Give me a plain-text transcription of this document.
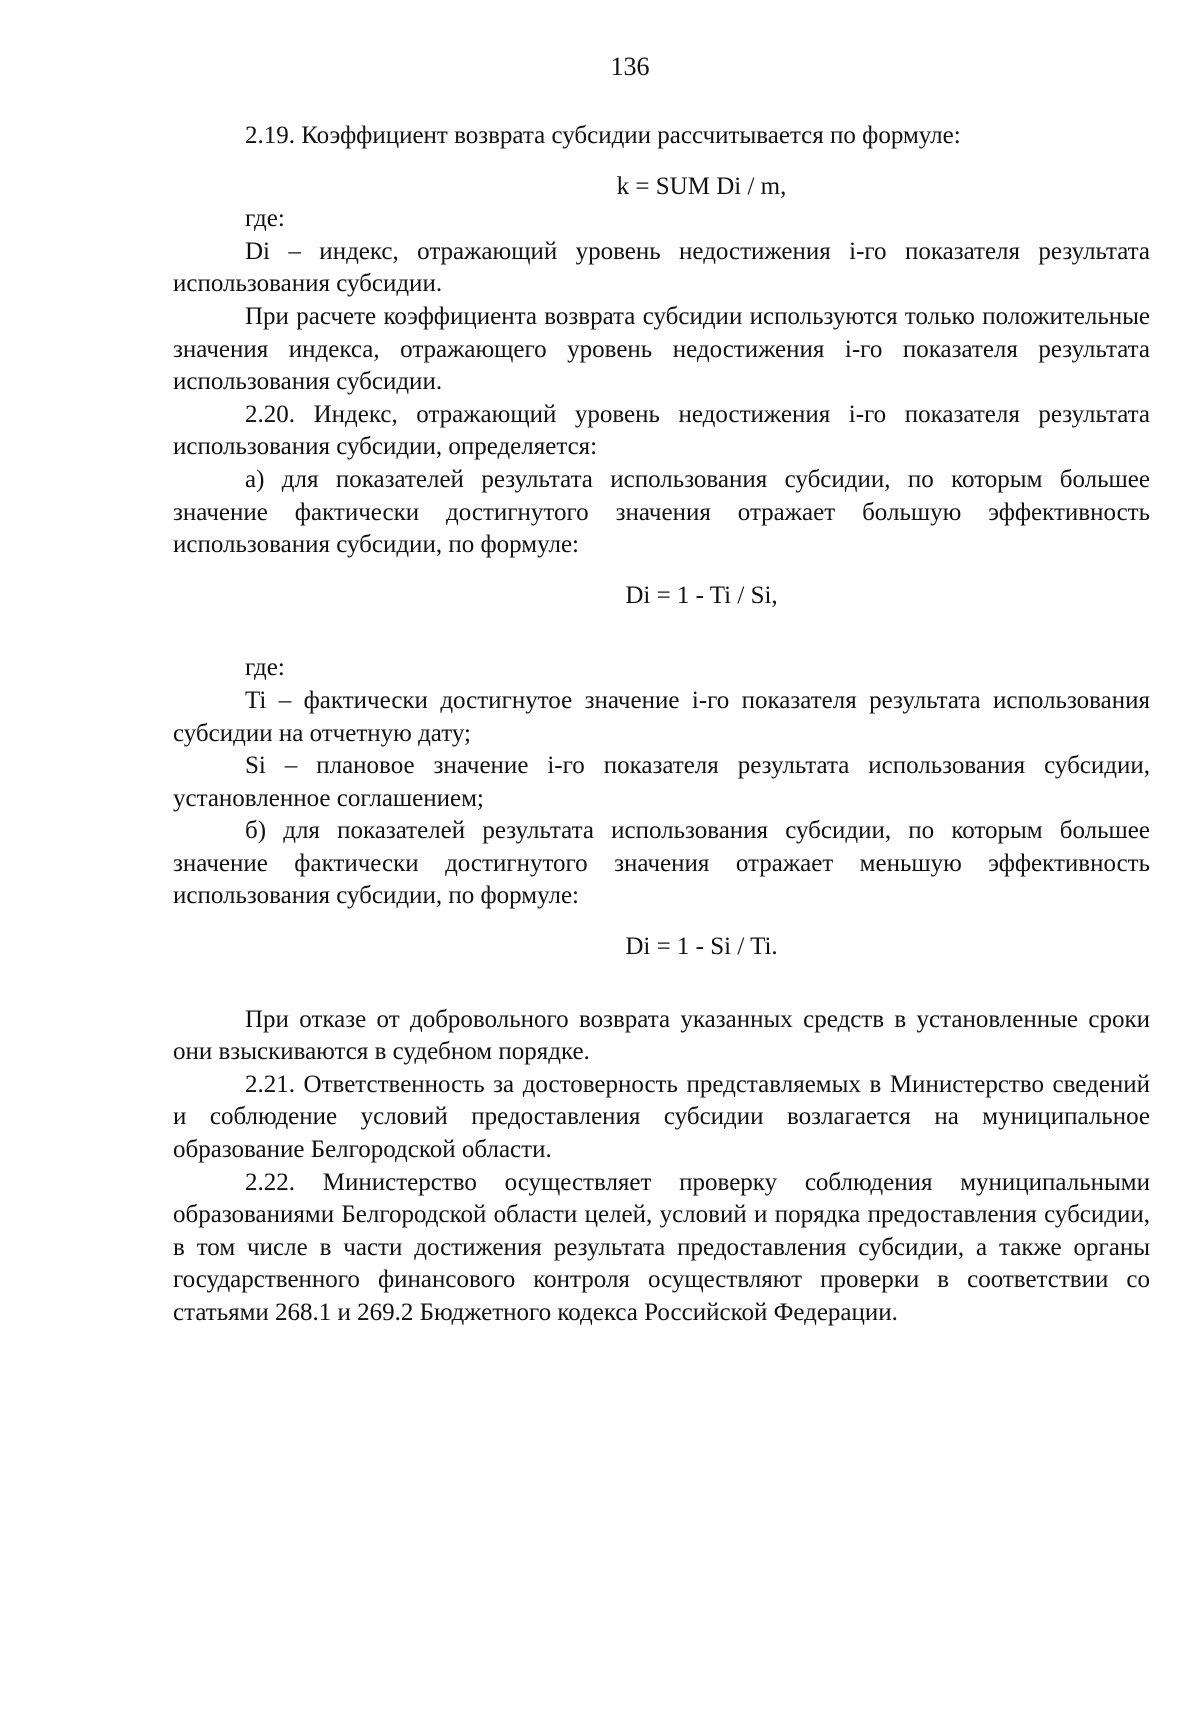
136

2.19. Коэффициент возврата субсидии рассчитывается по формуле:

k = SUM Di / m,

где:

Di – индекс, отражающий уровень недостижения i-го показателя результата использования субсидии.

При расчете коэффициента возврата субсидии используются только положительные значения индекса, отражающего уровень недостижения i-го показателя результата использования субсидии.

2.20. Индекс, отражающий уровень недостижения i-го показателя результата использования субсидии, определяется:

а) для показателей результата использования субсидии, по которым большее значение фактически достигнутого значения отражает большую эффективность использования субсидии, по формуле:

Di = 1 - Ti / Si,

где:

Ti – фактически достигнутое значение i-го показателя результата использования субсидии на отчетную дату;

Si – плановое значение i-го показателя результата использования субсидии, установленное соглашением;

б) для показателей результата использования субсидии, по которым большее значение фактически достигнутого значения отражает меньшую эффективность использования субсидии, по формуле:

Di = 1 - Si / Ti.

При отказе от добровольного возврата указанных средств в установленные сроки они взыскиваются в судебном порядке.

2.21. Ответственность за достоверность представляемых в Министерство сведений и соблюдение условий предоставления субсидии возлагается на муниципальное образование Белгородской области.

2.22. Министерство осуществляет проверку соблюдения муниципальными образованиями Белгородской области целей, условий и порядка предоставления субсидии, в том числе в части достижения результата предоставления субсидии, а также органы государственного финансового контроля осуществляют проверки в соответствии со статьями 268.1 и 269.2 Бюджетного кодекса Российской Федерации.
